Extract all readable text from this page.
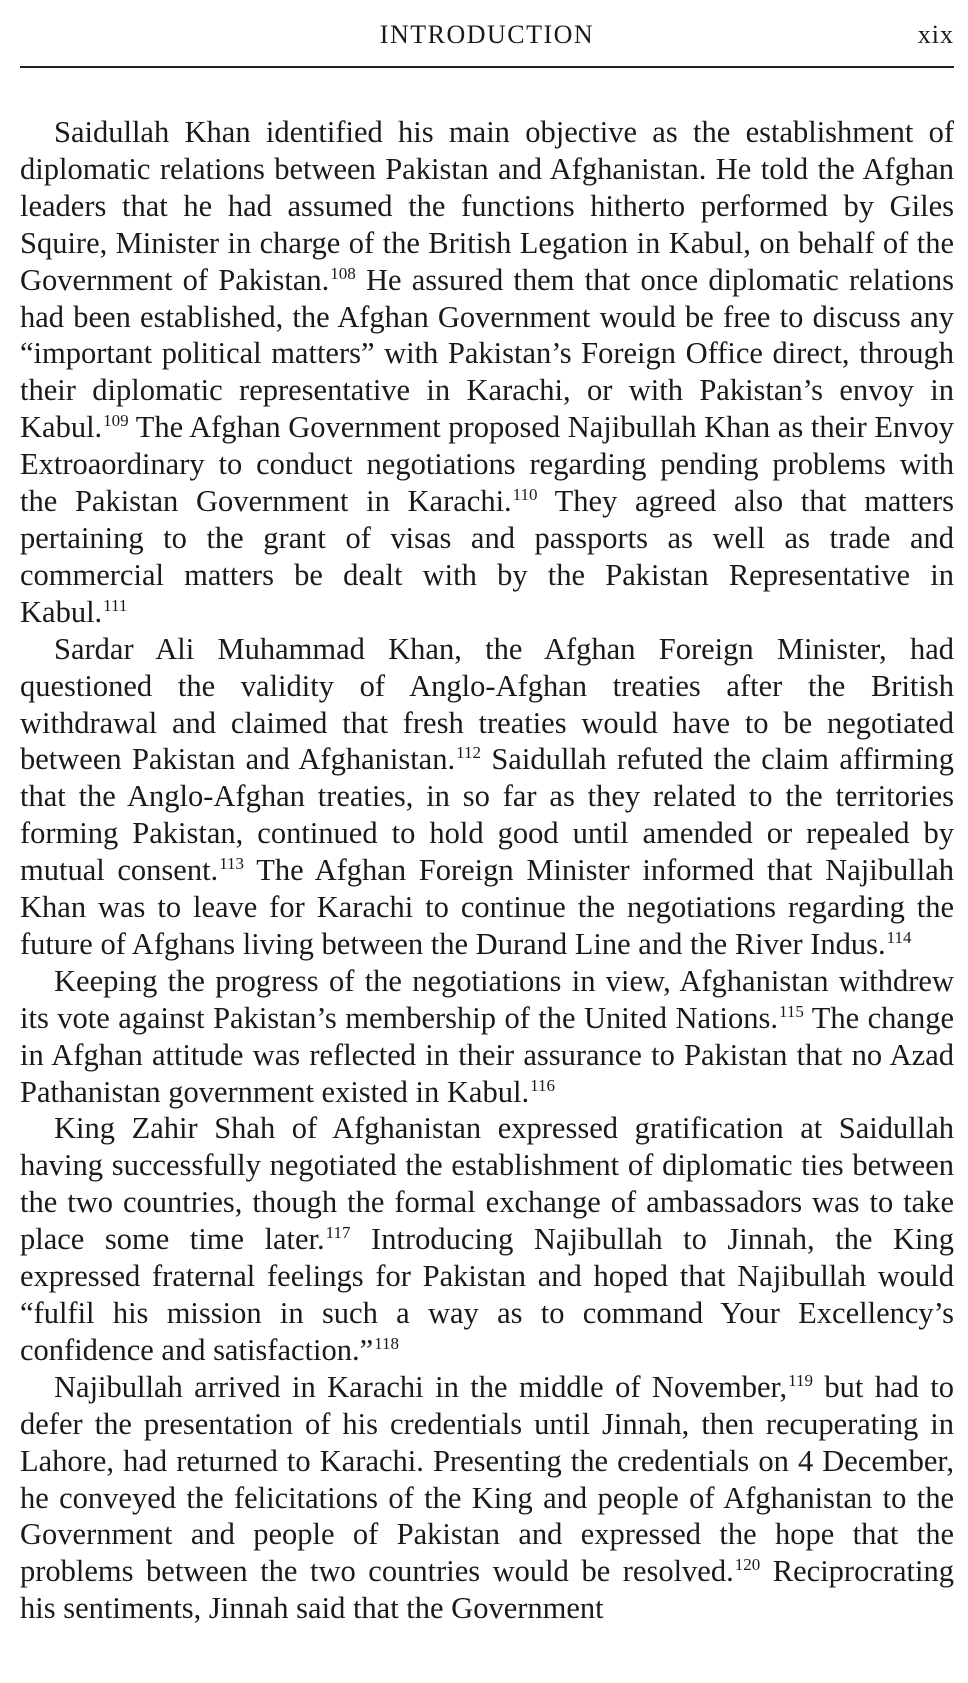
INTRODUCTION	xix

Saidullah Khan identified his main objective as the establishment of diplomatic relations between Pakistan and Afghanistan. He told the Afghan leaders that he had assumed the functions hitherto performed by Giles Squire, Minister in charge of the British Legation in Kabul, on behalf of the Government of Pakistan.$^{108}$ He assured them that once diplomatic relations had been established, the Afghan Government would be free to discuss any “important political matters” with Pakistan’s Foreign Office direct, through their diplomatic representative in Karachi, or with Pakistan’s envoy in Kabul.$^{109}$ The Afghan Government proposed Najibullah Khan as their Envoy Extroaordinary to conduct negotiations regarding pending problems with the Pakistan Government in Karachi.$^{110}$ They agreed also that matters pertaining to the grant of visas and passports as well as trade and commercial matters be dealt with by the Pakistan Representative in Kabul.$^{111}$

Sardar Ali Muhammad Khan, the Afghan Foreign Minister, had questioned the validity of Anglo-Afghan treaties after the British withdrawal and claimed that fresh treaties would have to be negotiated between Pakistan and Afghanistan.$^{112}$ Saidullah refuted the claim affirming that the Anglo-Afghan treaties, in so far as they related to the territories forming Pakistan, continued to hold good until amended or repealed by mutual consent.$^{113}$ The Afghan Foreign Minister informed that Najibullah Khan was to leave for Karachi to continue the negotiations regarding the future of Afghans living between the Durand Line and the River Indus.$^{114}$

Keeping the progress of the negotiations in view, Afghanistan withdrew its vote against Pakistan’s membership of the United Nations.$^{115}$ The change in Afghan attitude was reflected in their assurance to Pakistan that no Azad Pathanistan government existed in Kabul.$^{116}$

King Zahir Shah of Afghanistan expressed gratification at Saidullah having successfully negotiated the establishment of diplomatic ties between the two countries, though the formal exchange of ambassadors was to take place some time later.$^{117}$ Introducing Najibullah to Jinnah, the King expressed fraternal feelings for Pakistan and hoped that Najibullah would “fulfil his mission in such a way as to command Your Excellency’s confidence and satisfaction.”$^{118}$

Najibullah arrived in Karachi in the middle of November,$^{119}$ but had to defer the presentation of his credentials until Jinnah, then recuperating in Lahore, had returned to Karachi. Presenting the credentials on 4 December, he conveyed the felicitations of the King and people of Afghanistan to the Government and people of Pakistan and expressed the hope that the problems between the two countries would be resolved.$^{120}$ Reciprocrating his sentiments, Jinnah said that the Government
